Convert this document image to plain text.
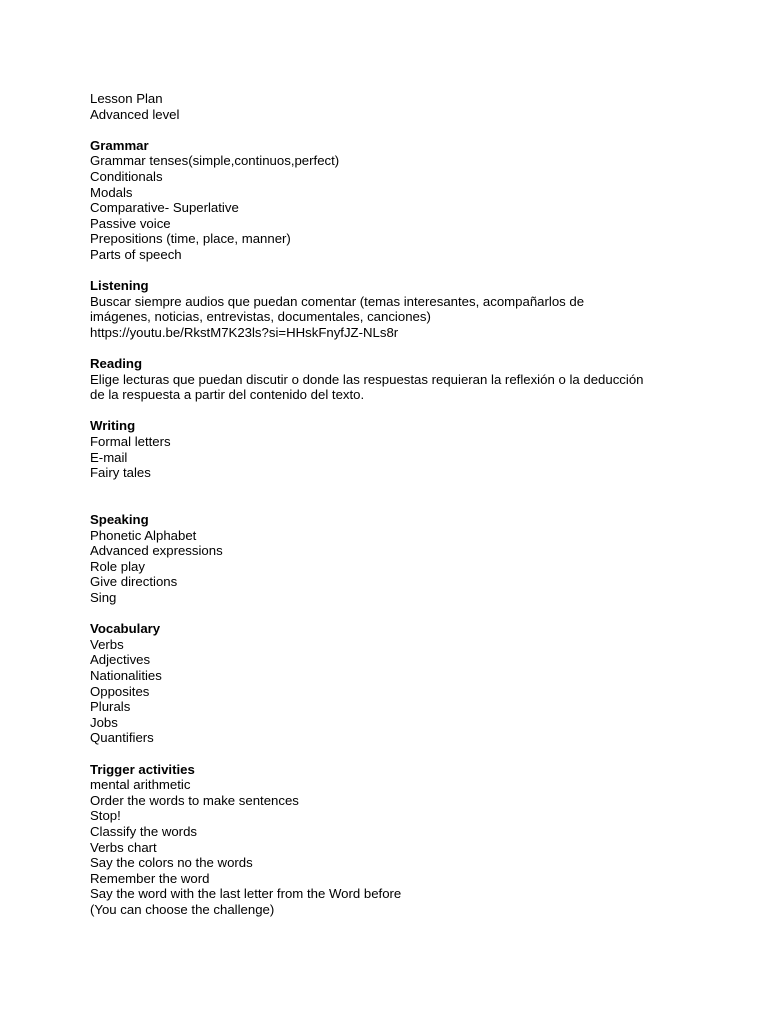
Lesson Plan
Advanced level
Grammar
Grammar tenses(simple,continuos,perfect)
Conditionals
Modals
Comparative- Superlative
Passive voice
Prepositions (time, place, manner)
Parts of speech
Listening
Buscar siempre audios que puedan comentar (temas interesantes, acompañarlos de
imágenes, noticias, entrevistas, documentales, canciones)
https://youtu.be/RkstM7K23ls?si=HHskFnyfJZ-NLs8r
Reading
Elige lecturas que puedan discutir o donde las respuestas requieran la reflexión o la deducción
de la respuesta a partir del contenido del texto.
Writing
Formal letters
E-mail
Fairy tales
Speaking
Phonetic Alphabet
Advanced expressions
Role play
Give directions
Sing
Vocabulary
Verbs
Adjectives
Nationalities
Opposites
Plurals
Jobs
Quantifiers
Trigger activities
mental arithmetic
Order the words to make sentences
Stop!
Classify the words
Verbs chart
Say the colors no the words
Remember the word
Say the word with the last letter from the Word before
(You can choose the challenge)
